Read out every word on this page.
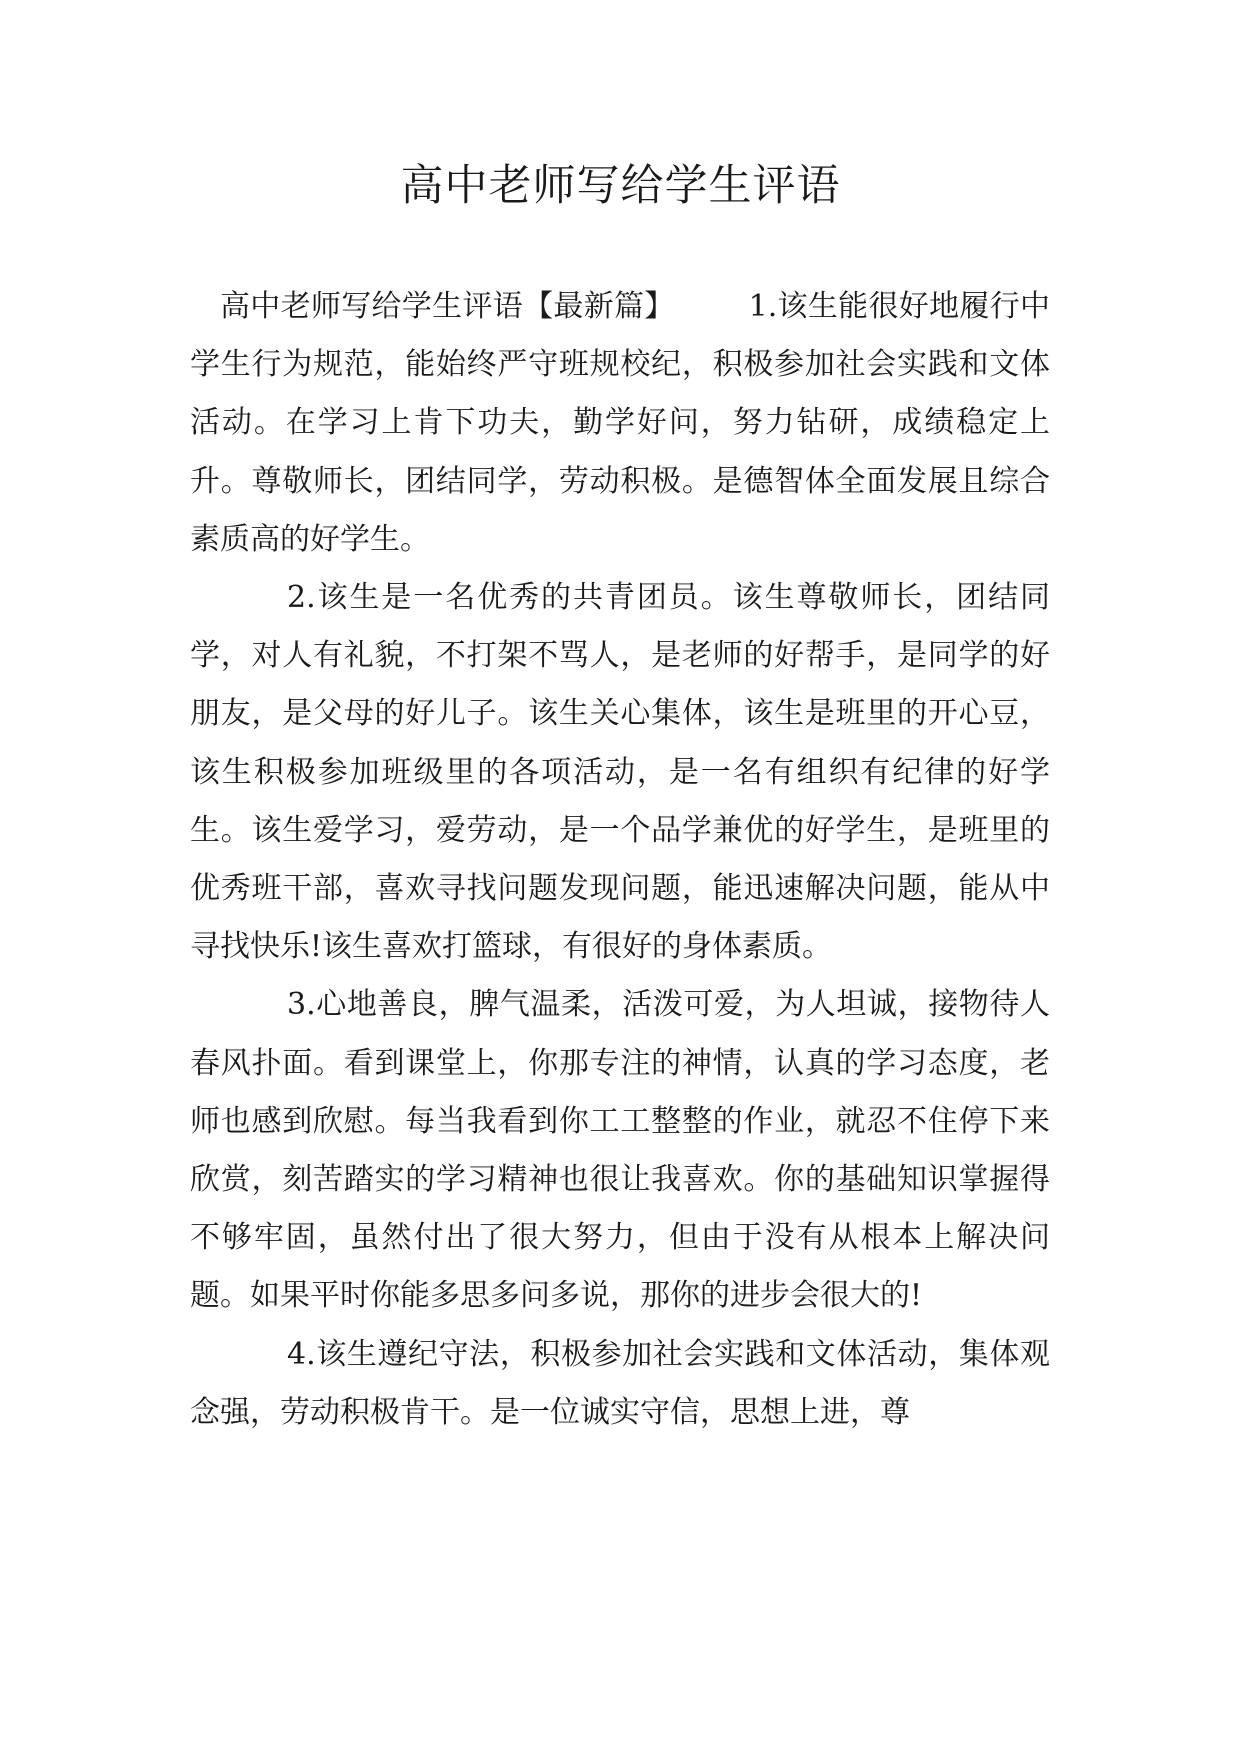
高中老师写给学生评语

高中老师写给学生评语【最新篇】 1.该生能很好地履行中学生行为规范，能始终严守班规校纪，积极参加社会实践和文体活动。在学习上肯下功夫，勤学好问，努力钻研，成绩稳定上升。尊敬师长，团结同学，劳动积极。是德智体全面发展且综合素质高的好学生。

2.该生是一名优秀的共青团员。该生尊敬师长，团结同学，对人有礼貌，不打架不骂人，是老师的好帮手，是同学的好朋友，是父母的好儿子。该生关心集体，该生是班里的开心豆，该生积极参加班级里的各项活动，是一名有组织有纪律的好学生。该生爱学习，爱劳动，是一个品学兼优的好学生，是班里的优秀班干部，喜欢寻找问题发现问题，能迅速解决问题，能从中寻找快乐!该生喜欢打篮球，有很好的身体素质。

3.心地善良，脾气温柔，活泼可爱，为人坦诚，接物待人春风扑面。看到课堂上，你那专注的神情，认真的学习态度，老师也感到欣慰。每当我看到你工工整整的作业，就忍不住停下来欣赏，刻苦踏实的学习精神也很让我喜欢。你的基础知识掌握得不够牢固，虽然付出了很大努力，但由于没有从根本上解决问题。如果平时你能多思多问多说，那你的进步会很大的!

4.该生遵纪守法，积极参加社会实践和文体活动，集体观念强，劳动积极肯干。是一位诚实守信，思想上进，尊
